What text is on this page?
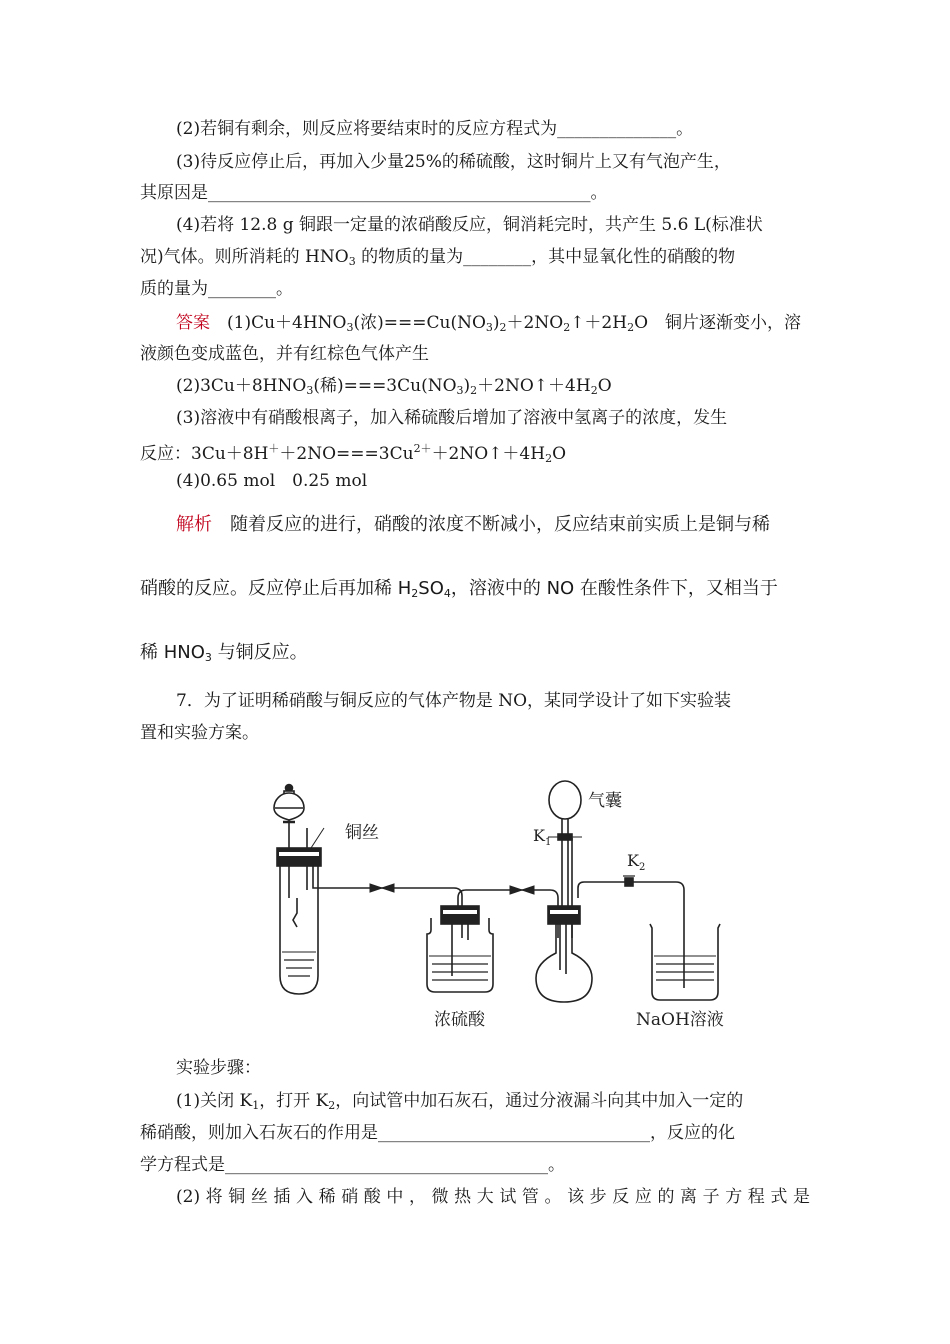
(2)若铜有剩余，则反应将要结束时的反应方程式为______________。
(3)待反应停止后，再加入少量25%的稀硫酸，这时铜片上又有气泡产生，
其原因是_____________________________________________。
(4)若将 12.8 g 铜跟一定量的浓硝酸反应，铜消耗完时，共产生 5.6 L(标准状
况)气体。则所消耗的 $HNO_3$ 的物质的量为________，其中显氧化性的硝酸的物
质的量为________。
答案　 $(1)Cu+4HNO_3$(浓)$===Cu(NO_3)_2+2NO_2↑+2H_2O$　铜片逐渐变小，溶
液颜色变成蓝色，并有红棕色气体产生
$(2)3Cu+8HNO_3$(稀)$===3Cu(NO_3)_2+2NO↑+4H_2O$
(3)溶液中有硝酸根离子，加入稀硫酸后增加了溶液中氢离子的浓度，发生
反应：$3Cu+8H^++2NO===3Cu^{2+}+2NO↑+4H_2O$
(4)0.65 mol　0.25 mol
解析　 随着反应的进行，硝酸的浓度不断减小，反应结束前实质上是铜与稀
硝酸的反应。反应停止后再加稀 $H_2SO_4$，溶液中的 NO 在酸性条件下，又相当于
稀 $HNO_3$ 与铜反应。
7．为了证明稀硝酸与铜反应的气体产物是 NO，某同学设计了如下实验装
置和实验方案。
铜丝
气囊
$K_1$
$K_2$
浓硫酸	NaOH溶液
实验步骤：
(1)关闭 $K_1$，打开 $K_2$，向试管中加石灰石，通过分液漏斗向其中加入一定的
稀硝酸，则加入石灰石的作用是________________________________，反应的化
学方程式是______________________________________。
(2)将铜丝插入稀硝酸中，微热大试管。该步反应的离子方程式是
